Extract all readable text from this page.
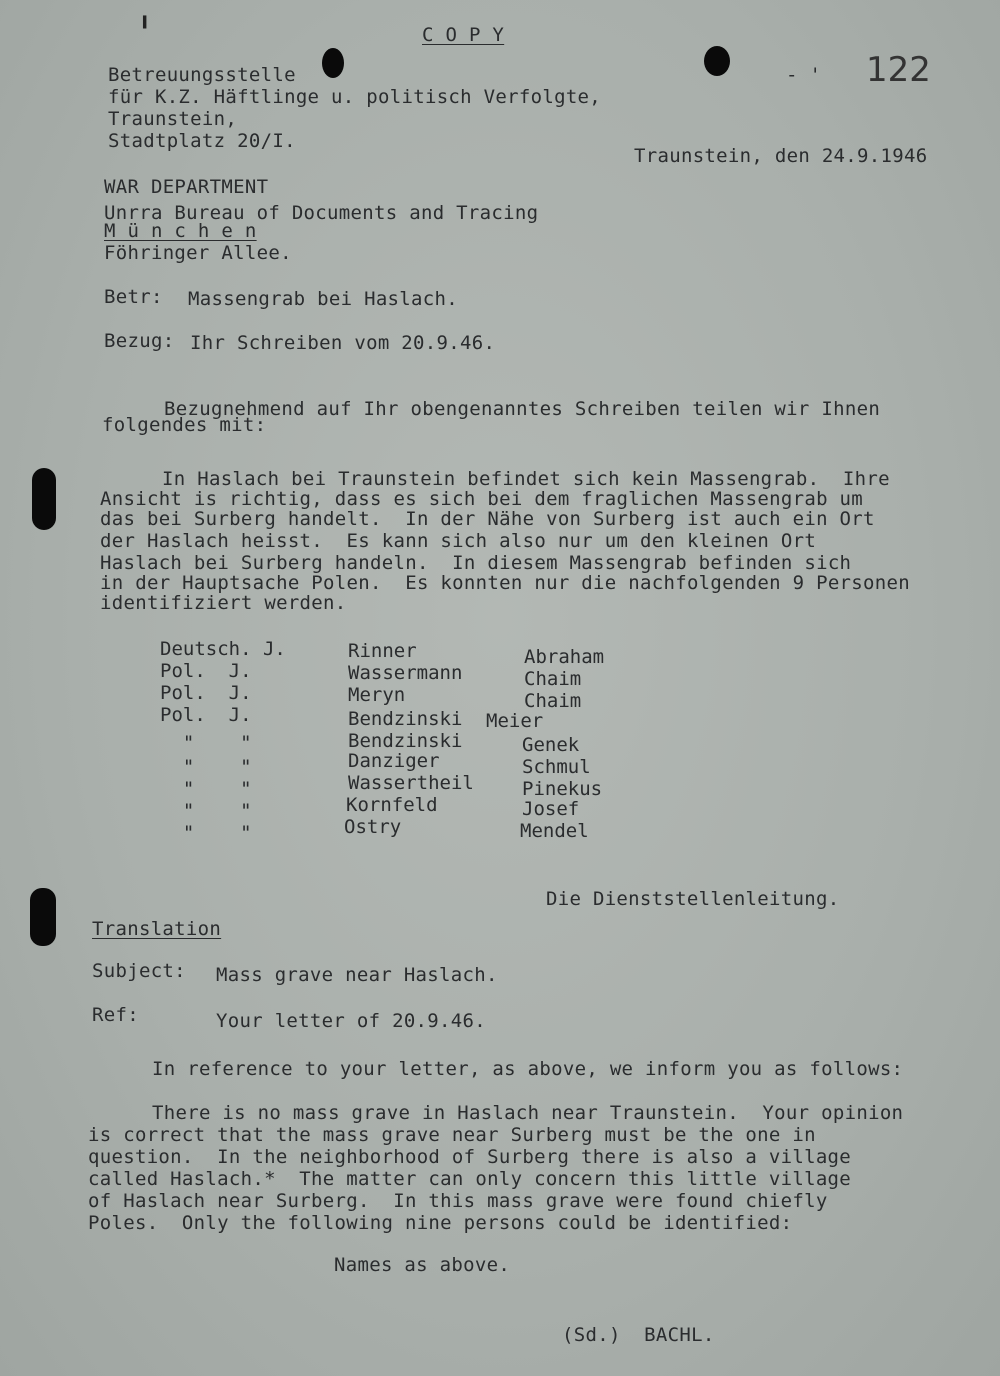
╻
C O P Y
- ' 122
Betreuungsstelle
für K.Z. Häftlinge u. politisch Verfolgte,
Traunstein,
Stadtplatz 20/I.
Traunstein, den 24.9.1946
WAR DEPARTMENT
Unrra Bureau of Documents and Tracing
M ü n c h e n
Föhringer Allee.
Betr: Massengrab bei Haslach.
Bezug: Ihr Schreiben vom 20.9.46.
Bezugnehmend auf Ihr obengenanntes Schreiben teilen wir Ihnen
folgendes mit:
In Haslach bei Traunstein befindet sich kein Massengrab.  Ihre
Ansicht is richtig, dass es sich bei dem fraglichen Massengrab um
das bei Surberg handelt.  In der Nähe von Surberg ist auch ein Ort
der Haslach heisst.  Es kann sich also nur um den kleinen Ort
Haslach bei Surberg handeln.  In diesem Massengrab befinden sich
in der Hauptsache Polen.  Es konnten nur die nachfolgenden 9 Personen
identifiziert werden.
Deutsch. J.	Rinner	Abraham
Pol.  J.	Wassermann	Chaim
Pol.  J.	Meryn	Chaim
Pol.  J.	Bendzinski Meier
"    "	Bendzinski	Genek
"    "	Danziger	Schmul
"    "	Wassertheil	Pinekus
"    "	Kornfeld	Josef
"    "	Ostry	Mendel
Die Dienststellenleitung.
Translation
Subject: Mass grave near Haslach.
Ref:	Your letter of 20.9.46.
In reference to your letter, as above, we inform you as follows:
There is no mass grave in Haslach near Traunstein.  Your opinion
is correct that the mass grave near Surberg must be the one in
question.  In the neighborhood of Surberg there is also a village
called Haslach.*  The matter can only concern this little village
of Haslach near Surberg.  In this mass grave were found chiefly
Poles.  Only the following nine persons could be identified:
Names as above.
(Sd.)  BACHL.
